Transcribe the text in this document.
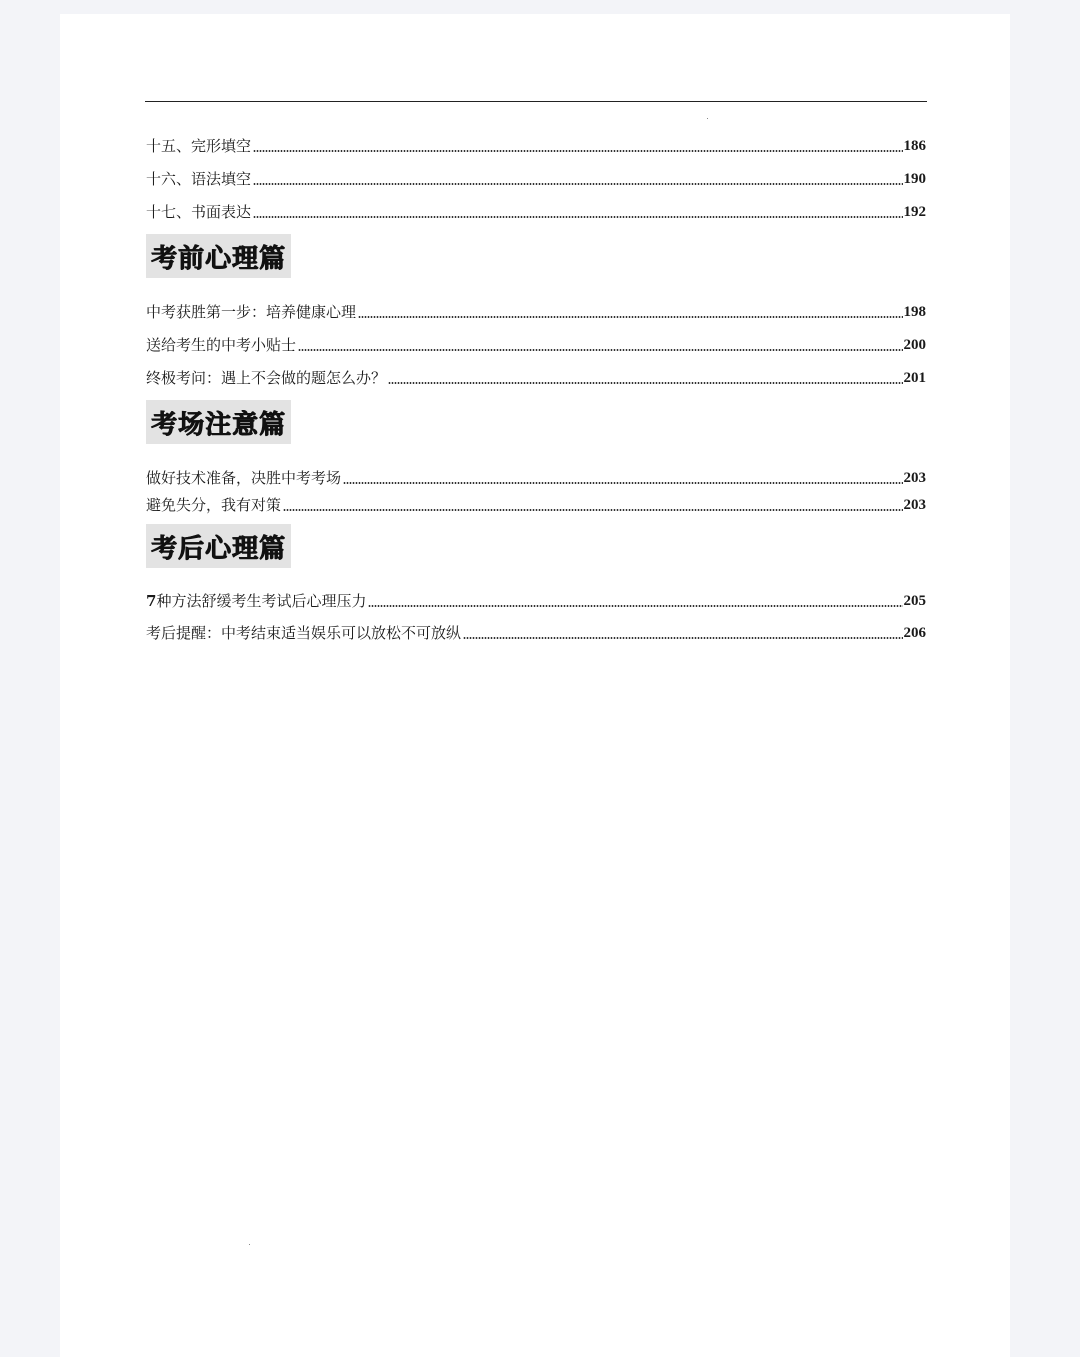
十五、完形填空	186
十六、语法填空	190
十七、书面表达	192
考前心理篇
中考获胜第一步：培养健康心理	198
送给考生的中考小贴士	200
终极考问：遇上不会做的题怎么办？	201
考场注意篇
做好技术准备，决胜中考考场	203
避免失分，我有对策	203
考后心理篇
7 种方法舒缓考生考试后心理压力	205
考后提醒：中考结束适当娱乐可以放松不可放纵	206
